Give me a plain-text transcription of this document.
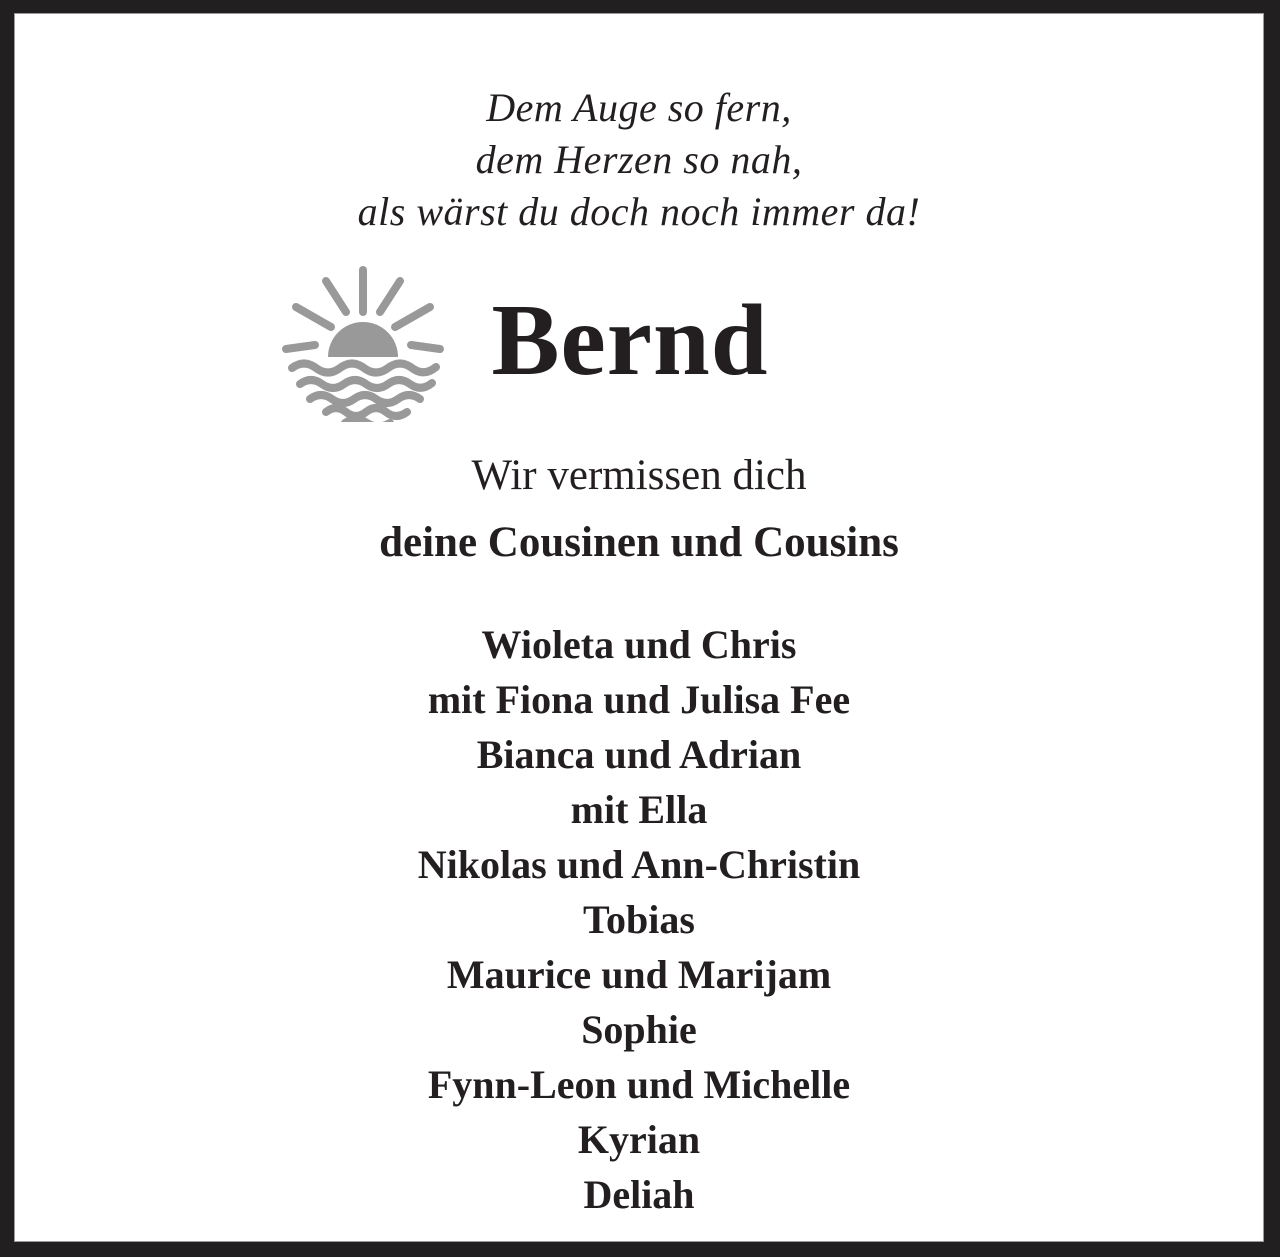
Dem Auge so fern,
dem Herzen so nah,
als wärst du doch noch immer da!
Bernd
Wir vermissen dich
deine Cousinen und Cousins
Wioleta und Chris
mit Fiona und Julisa Fee
Bianca und Adrian
mit Ella
Nikolas und Ann-Christin
Tobias
Maurice und Marijam
Sophie
Fynn-Leon und Michelle
Kyrian
Deliah
